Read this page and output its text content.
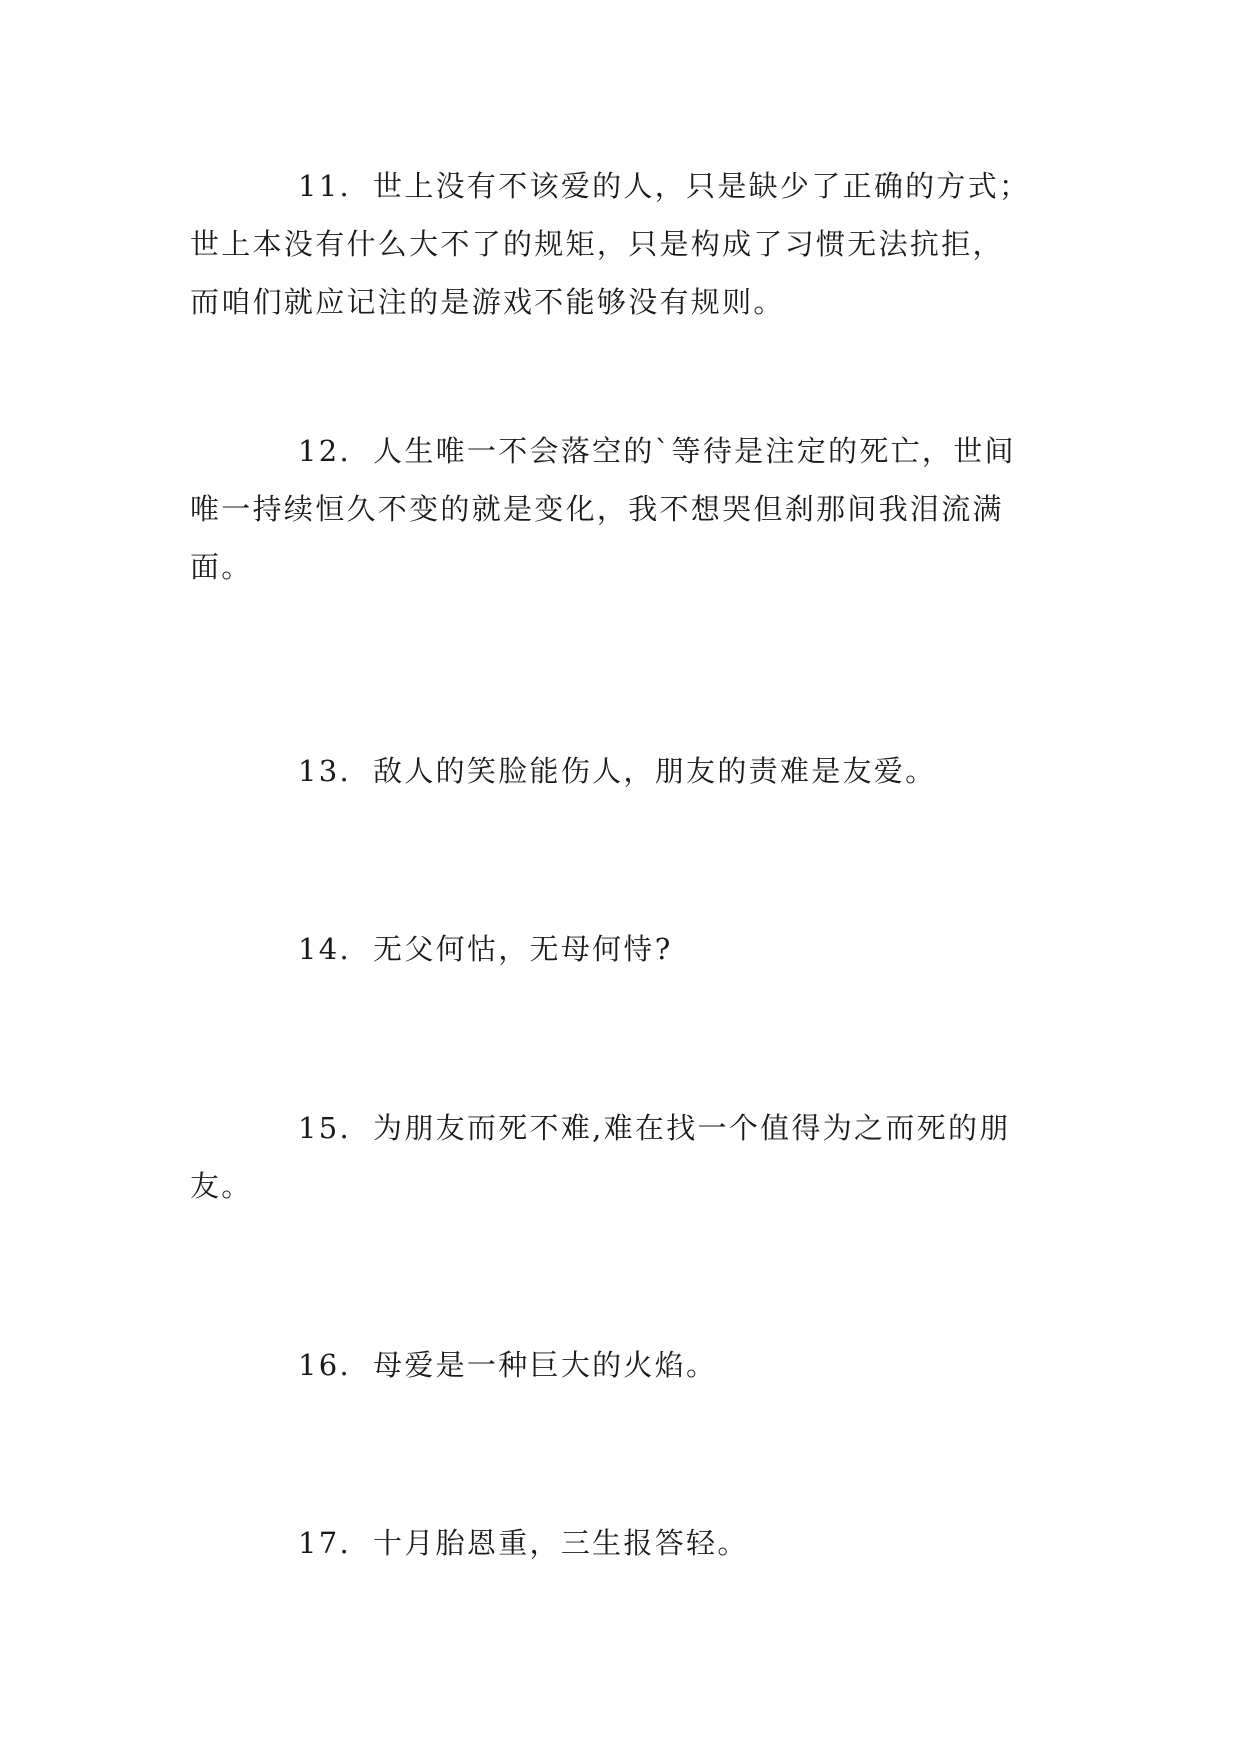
11. 世上没有不该爱的人，只是缺少了正确的方式；
世上本没有什么大不了的规矩，只是构成了习惯无法抗拒，
而咱们就应记注的是游戏不能够没有规则。

12. 人生唯一不会落空的`等待是注定的死亡，世间
唯一持续恒久不变的就是变化，我不想哭但刹那间我泪流满
面。

13. 敌人的笑脸能伤人，朋友的责难是友爱。

14. 无父何怙，无母何恃?

15. 为朋友而死不难,难在找一个值得为之而死的朋
友。

16. 母爱是一种巨大的火焰。

17. 十月胎恩重，三生报答轻。
